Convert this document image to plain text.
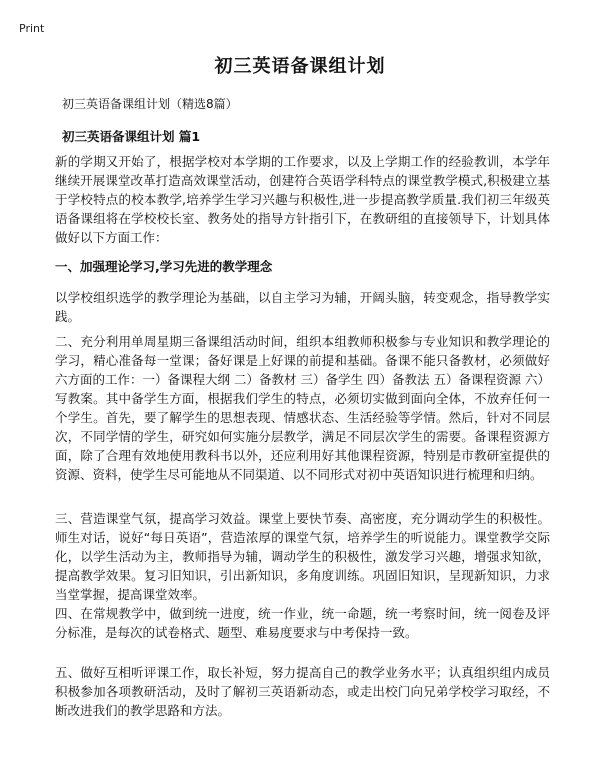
Print
初三英语备课组计划

初三英语备课组计划（精选8篇）

初三英语备课组计划 篇1

新的学期又开始了，根据学校对本学期的工作要求，以及上学期工作的经验教训，本学年继续开展课堂改革打造高效课堂活动，创建符合英语学科特点的课堂教学模式,积极建立基于学校特点的校本教学,培养学生学习兴趣与积极性,进一步提高教学质量.我们初三年级英语备课组将在学校校长室、教务处的指导方针指引下，在教研组的直接领导下，计划具体做好以下方面工作：

一、加强理论学习,学习先进的教学理念

以学校组织选学的教学理论为基础，以自主学习为辅，开阔头脑，转变观念，指导教学实践。

二、充分利用单周星期三备课组活动时间，组织本组教师积极参与专业知识和教学理论的学习，精心准备每一堂课；备好课是上好课的前提和基础。备课不能只备教材，必须做好六方面的工作：一）备课程大纲 二）备教材 三）备学生 四）备教法 五）备课程资源 六）写教案。其中备学生方面，根据我们学生的特点，必须切实做到面向全体，不放弃任何一个学生。首先，要了解学生的思想表现、情感状态、生活经验等学情。然后，针对不同层次，不同学情的学生，研究如何实施分层教学，满足不同层次学生的需要。备课程资源方面，除了合理有效地使用教科书以外，还应利用好其他课程资源，特别是市教研室提供的资源、资料，使学生尽可能地从不同渠道、以不同形式对初中英语知识进行梳理和归纳。

三、营造课堂气氛，提高学习效益。课堂上要快节奏、高密度，充分调动学生的积极性。师生对话，说好“每日英语”，营造浓厚的课堂气氛，培养学生的听说能力。课堂教学交际化，以学生活动为主，教师指导为辅，调动学生的积极性，激发学习兴趣，增强求知欲，提高教学效果。复习旧知识，引出新知识，多角度训练。巩固旧知识，呈现新知识，力求当堂掌握，提高课堂效率。

四、在常规教学中，做到统一进度，统一作业，统一命题，统一考察时间，统一阅卷及评分标准，是每次的试卷格式、题型、难易度要求与中考保持一致。

五、做好互相听评课工作，取长补短，努力提高自己的教学业务水平；认真组织组内成员积极参加各项教研活动，及时了解初三英语新动态，或走出校门向兄弟学校学习取经，不断改进我们的教学思路和方法。
